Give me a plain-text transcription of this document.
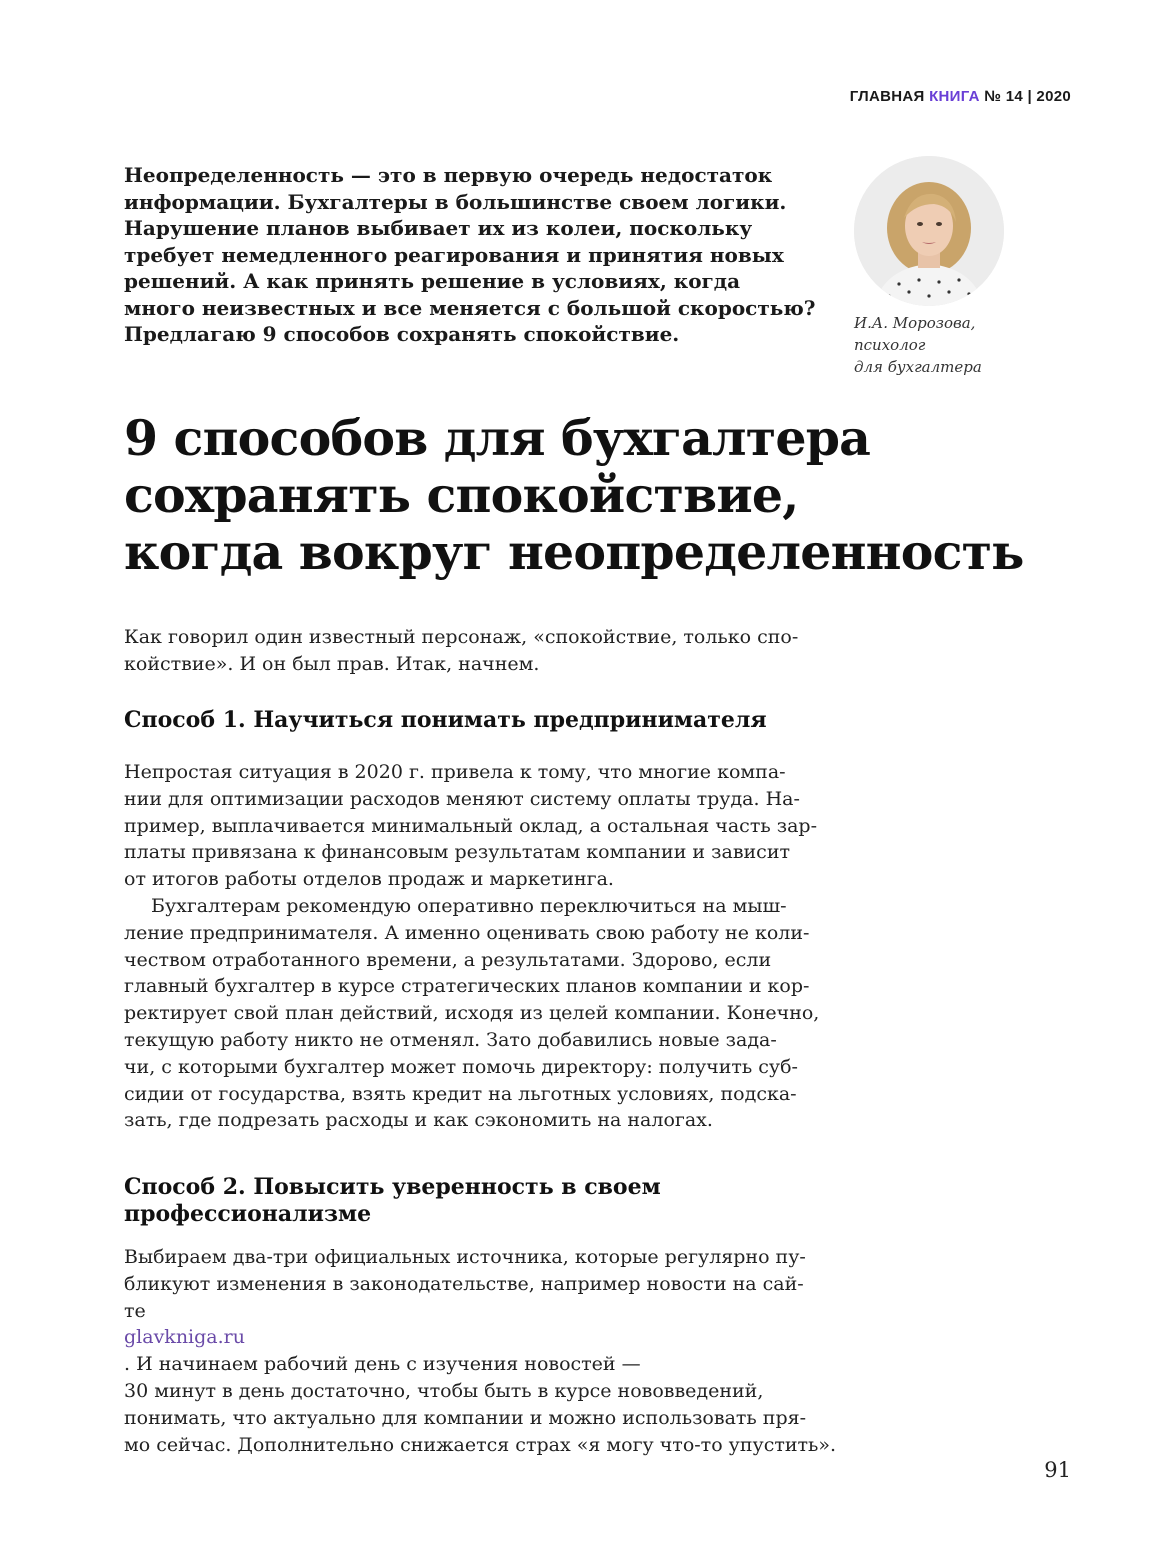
ГЛАВНАЯ КНИГА № 14 | 2020

Неопределенность — это в первую очередь недостаток
информации. Бухгалтеры в большинстве своем логики.
Нарушение планов выбивает их из колеи, поскольку
требует немедленного реагирования и принятия новых
решений. А как принять решение в условиях, когда
много неизвестных и все меняется с большой скоростью?
Предлагаю 9 способов сохранять спокойствие.	И.А. Морозова,
психолог
для бухгалтера
9 способов для бухгалтера
сохранять спокойствие,
когда вокруг неопределенность

Как говорил один известный персонаж, «спокойствие, только спо-
койствие». И он был прав. Итак, начнем.

Способ 1. Научиться понимать предпринимателя

Непростая ситуация в 2020 г. привела к тому, что многие компа-
нии для оптимизации расходов меняют систему оплаты труда. На-
пример, выплачивается минимальный оклад, а остальная часть зар-
платы привязана к финансовым результатам компании и зависит
от итогов работы отделов продаж и маркетинга.

Бухгалтерам рекомендую оперативно переключиться на мыш-
ление предпринимателя. А именно оценивать свою работу не коли-
чеством отработанного времени, а результатами. Здорово, если
главный бухгалтер в курсе стратегических планов компании и кор-
ректирует свой план действий, исходя из целей компании. Конечно,
текущую работу никто не отменял. Зато добавились новые зада-
чи, с которыми бухгалтер может помочь директору: получить суб-
сидии от государства, взять кредит на льготных условиях, подска-
зать, где подрезать расходы и как сэкономить на налогах.

Способ 2. Повысить уверенность в своем
профессионализме

Выбираем два-три официальных источника, которые регулярно пу-
бликуют изменения в законодательстве, например новости на сай-
те
glavkniga.ru
. И начинаем рабочий день с изучения новостей —
30 минут в день достаточно, чтобы быть в курсе нововведений,
понимать, что актуально для компании и можно использовать пря-
мо сейчас. Дополнительно снижается страх «я могу что-то упустить».

91
